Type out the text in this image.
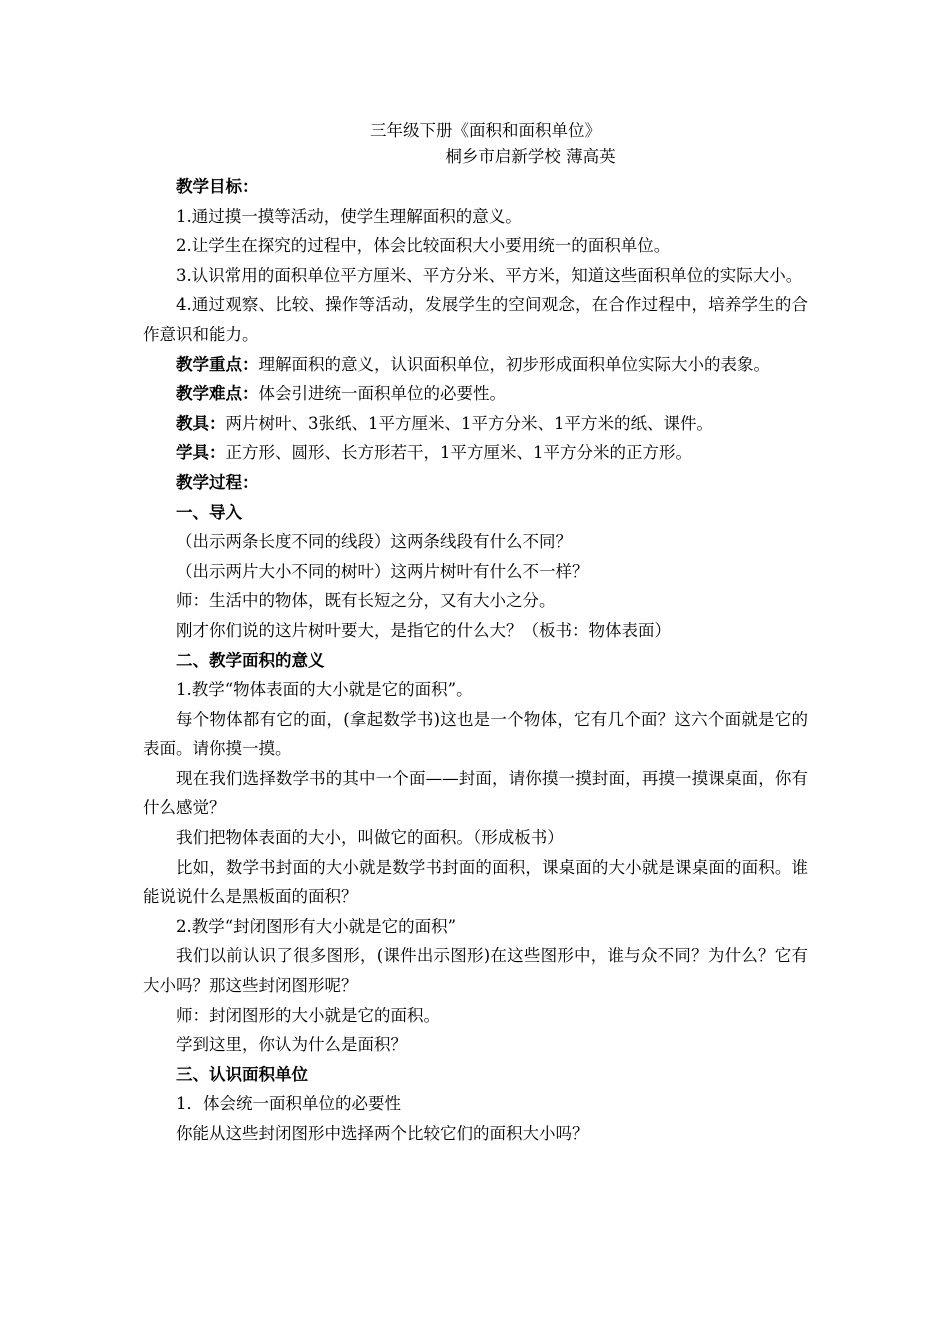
三年级下册《面积和面积单位》
桐乡市启新学校 薄高英

教学目标：

1.通过摸一摸等活动，使学生理解面积的意义。

2.让学生在探究的过程中，体会比较面积大小要用统一的面积单位。

3.认识常用的面积单位平方厘米、平方分米、平方米，知道这些面积单位的实际大小。

4.通过观察、比较、操作等活动，发展学生的空间观念，在合作过程中，培养学生的合作意识和能力。

教学重点：理解面积的意义，认识面积单位，初步形成面积单位实际大小的表象。

教学难点：体会引进统一面积单位的必要性。

教具：两片树叶、3张纸、1平方厘米、1平方分米、1平方米的纸、课件。

学具：正方形、圆形、长方形若干，1平方厘米、1平方分米的正方形。

教学过程：

一、导入

（出示两条长度不同的线段）这两条线段有什么不同？

（出示两片大小不同的树叶）这两片树叶有什么不一样？

师：生活中的物体，既有长短之分，又有大小之分。

刚才你们说的这片树叶要大，是指它的什么大？（板书：物体表面）

二、教学面积的意义

1.教学“物体表面的大小就是它的面积”。

每个物体都有它的面，(拿起数学书)这也是一个物体，它有几个面？这六个面就是它的表面。请你摸一摸。

现在我们选择数学书的其中一个面——封面，请你摸一摸封面，再摸一摸课桌面，你有什么感觉？

我们把物体表面的大小，叫做它的面积。（形成板书）

比如，数学书封面的大小就是数学书封面的面积，课桌面的大小就是课桌面的面积。谁能说说什么是黑板面的面积？

2.教学“封闭图形有大小就是它的面积”

我们以前认识了很多图形，(课件出示图形)在这些图形中，谁与众不同？为什么？它有大小吗？那这些封闭图形呢？

师：封闭图形的大小就是它的面积。

学到这里，你认为什么是面积？

三、认识面积单位

1．体会统一面积单位的必要性

你能从这些封闭图形中选择两个比较它们的面积大小吗？
